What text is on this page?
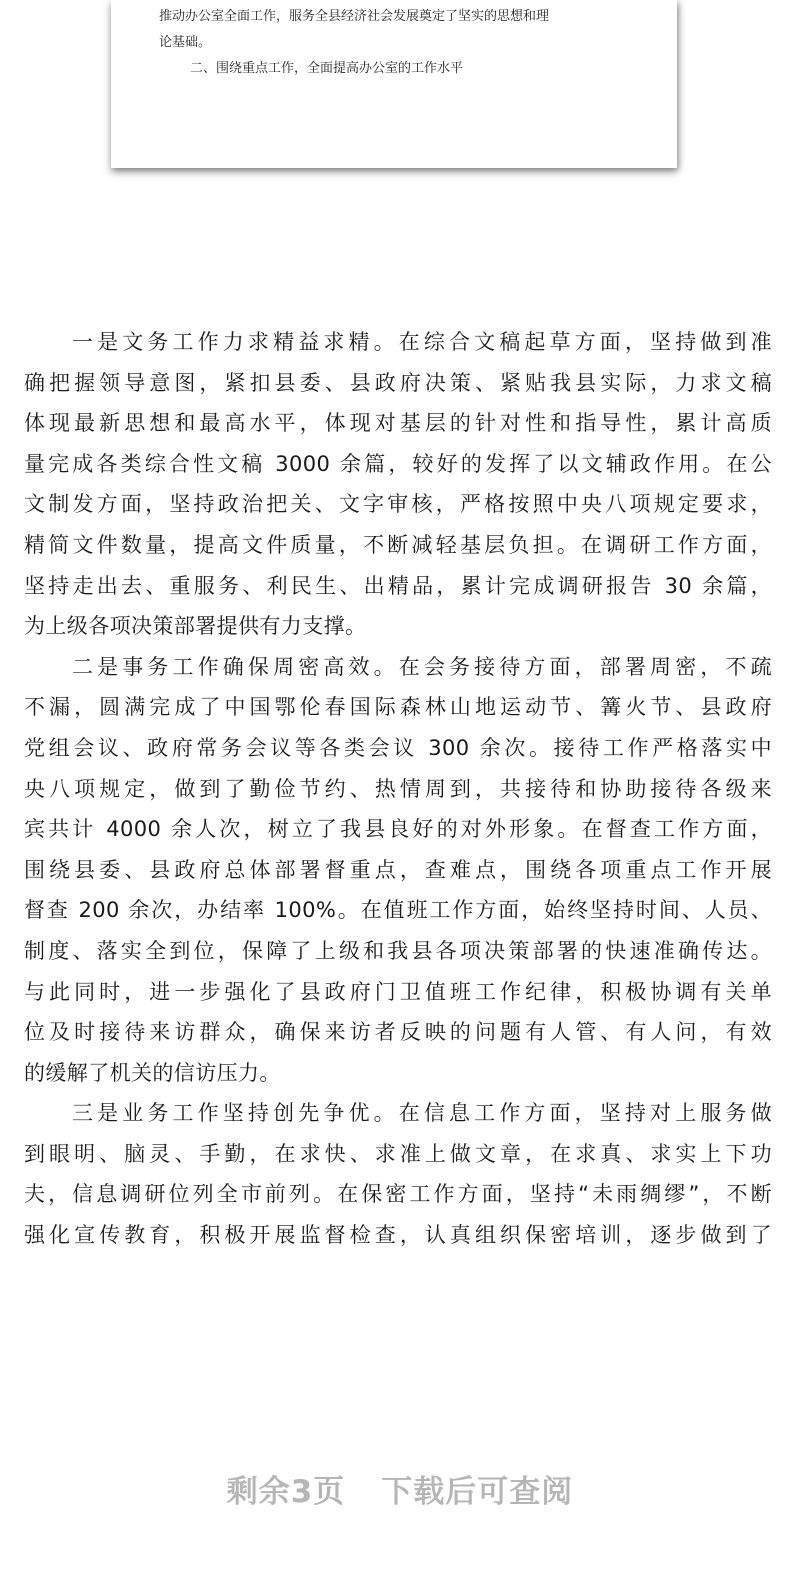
推动办公室全面工作，服务全县经济社会发展奠定了坚实的思想和理
论基础。
二、围绕重点工作，全面提高办公室的工作水平
一是文务工作力求精益求精。在综合文稿起草方面，坚持做到准
确把握领导意图，紧扣县委、县政府决策、紧贴我县实际，力求文稿
体现最新思想和最高水平，体现对基层的针对性和指导性，累计高质
量完成各类综合性文稿 3000 余篇，较好的发挥了以文辅政作用。在公
文制发方面，坚持政治把关、文字审核，严格按照中央八项规定要求，
精简文件数量，提高文件质量，不断减轻基层负担。在调研工作方面，
坚持走出去、重服务、利民生、出精品，累计完成调研报告 30 余篇，
为上级各项决策部署提供有力支撑。
二是事务工作确保周密高效。在会务接待方面，部署周密，不疏
不漏，圆满完成了中国鄂伦春国际森林山地运动节、篝火节、县政府
党组会议、政府常务会议等各类会议 300 余次。接待工作严格落实中
央八项规定，做到了勤俭节约、热情周到，共接待和协助接待各级来
宾共计 4000 余人次，树立了我县良好的对外形象。在督查工作方面，
围绕县委、县政府总体部署督重点，查难点，围绕各项重点工作开展
督查 200 余次，办结率 100%。在值班工作方面，始终坚持时间、人员、
制度、落实全到位，保障了上级和我县各项决策部署的快速准确传达。
与此同时，进一步强化了县政府门卫值班工作纪律，积极协调有关单
位及时接待来访群众，确保来访者反映的问题有人管、有人问，有效
的缓解了机关的信访压力。
三是业务工作坚持创先争优。在信息工作方面，坚持对上服务做
到眼明、脑灵、手勤，在求快、求准上做文章，在求真、求实上下功
夫，信息调研位列全市前列。在保密工作方面，坚持“未雨绸缪”，不断
强化宣传教育，积极开展监督检查，认真组织保密培训，逐步做到了
剩余3页 下载后可查阅
